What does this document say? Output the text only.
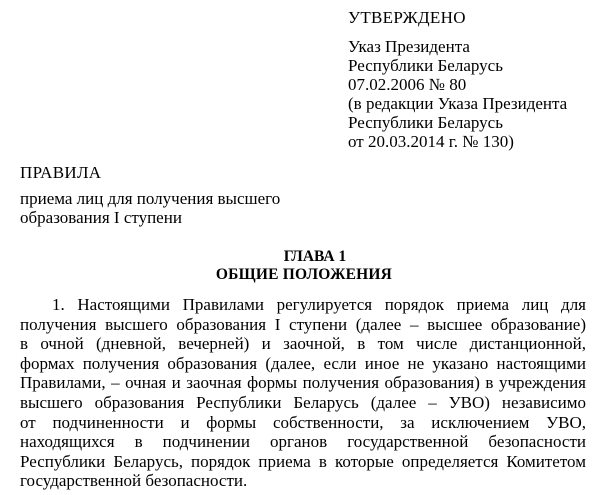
УТВЕРЖДЕНО
Указ Президента
Республики Беларусь
07.02.2006 № 80
(в редакции Указа Президента
Республики Беларусь
от 20.03.2014 г. № 130)
ПРАВИЛА
приема лиц для получения высшего
образования I ступени
ГЛАВА 1
ОБЩИЕ ПОЛОЖЕНИЯ
1. Настоящими Правилами регулируется порядок приема лиц для
получения высшего образования I ступени (далее – высшее образование)
в очной (дневной, вечерней) и заочной, в том числе дистанционной,
формах получения образования (далее, если иное не указано настоящими
Правилами, – очная и заочная формы получения образования) в учреждения
высшего образования Республики Беларусь (далее – УВО) независимо
от подчиненности и формы собственности, за исключением УВО,
находящихся в подчинении органов государственной безопасности
Республики Беларусь, порядок приема в которые определяется Комитетом
государственной безопасности.
